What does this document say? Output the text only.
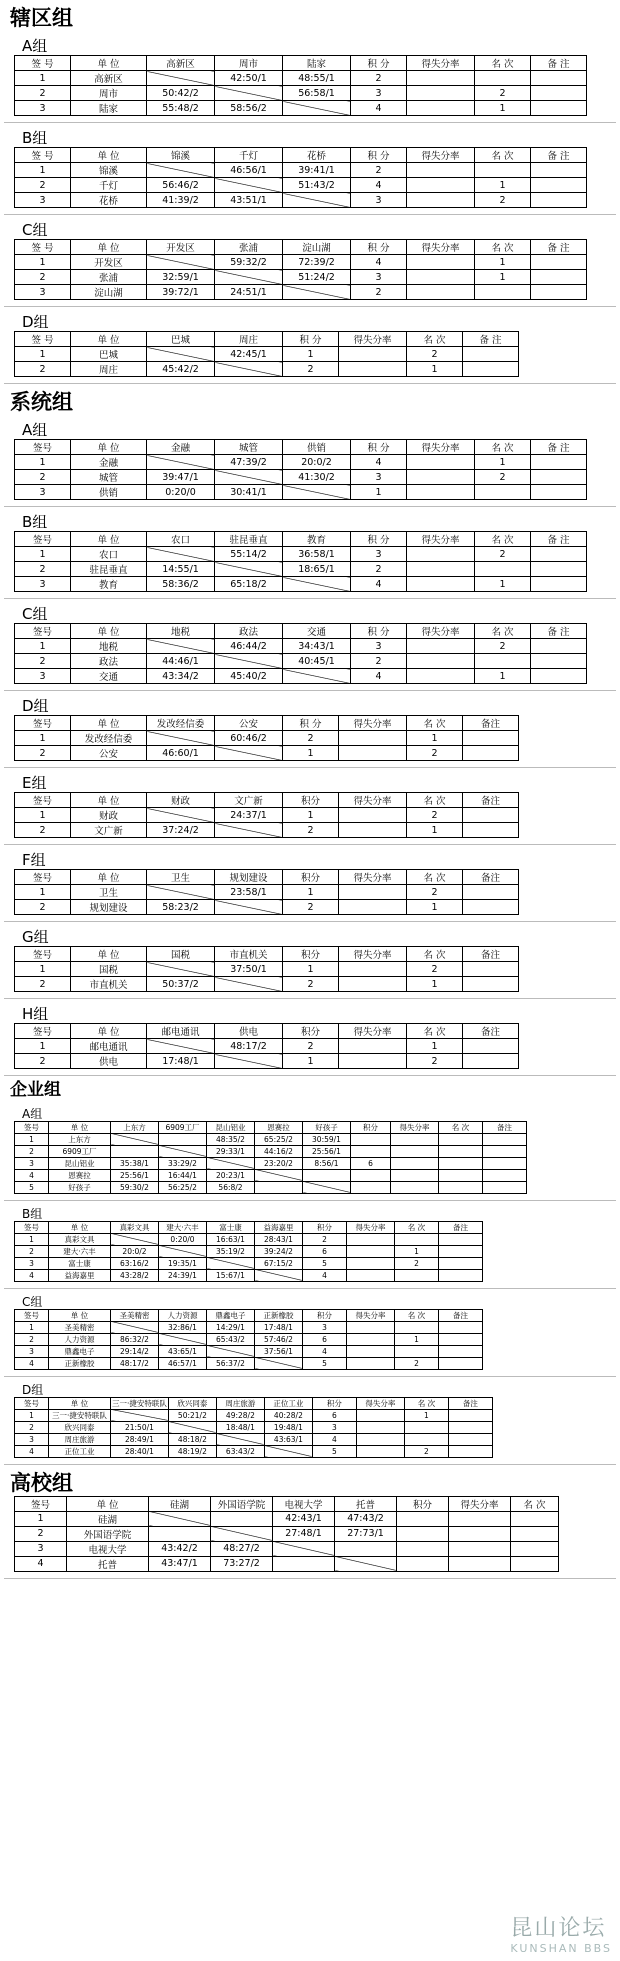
辖区组
A组
签 号	单 位	高新区	周市	陆家	积 分	得失分率	名 次	备 注
1	高新区		42:50/1	48:55/1	2			
2	周市	50:42/2		56:58/1	3		2	
3	陆家	55:48/2	58:56/2		4		1	
B组
签 号	单 位	锦溪	千灯	花桥	积 分	得失分率	名 次	备 注
1	锦溪		46:56/1	39:41/1	2			
2	千灯	56:46/2		51:43/2	4		1	
3	花桥	41:39/2	43:51/1		3		2	
C组
签 号	单 位	开发区	张浦	淀山湖	积 分	得失分率	名 次	备 注
1	开发区		59:32/2	72:39/2	4		1	
2	张浦	32:59/1		51:24/2	3		1	
3	淀山湖	39:72/1	24:51/1		2			
D组
签 号	单 位	巴城	周庄	积 分	得失分率	名 次	备 注
1	巴城		42:45/1	1		2	
2	周庄	45:42/2		2		1	
系统组
A组
签号	单 位	金融	城管	供销	积 分	得失分率	名 次	备 注
1	金融		47:39/2	20:0/2	4		1	
2	城管	39:47/1		41:30/2	3		2	
3	供销	0:20/0	30:41/1		1			
B组
签号	单 位	农口	驻昆垂直	教育	积 分	得失分率	名 次	备 注
1	农口		55:14/2	36:58/1	3		2	
2	驻昆垂直	14:55/1		18:65/1	2			
3	教育	58:36/2	65:18/2		4		1	
C组
签号	单 位	地税	政法	交通	积 分	得失分率	名 次	备 注
1	地税		46:44/2	34:43/1	3		2	
2	政法	44:46/1		40:45/1	2			
3	交通	43:34/2	45:40/2		4		1	
D组
签号	单 位	发改经信委	公安	积 分	得失分率	名 次	备注
1	发改经信委		60:46/2	2		1	
2	公安	46:60/1		1		2	
E组
签号	单 位	财政	文广新	积分	得失分率	名 次	备注
1	财政		24:37/1	1		2	
2	文广新	37:24/2		2		1	
F组
签号	单 位	卫生	规划建设	积分	得失分率	名 次	备注
1	卫生		23:58/1	1		2	
2	规划建设	58:23/2		2		1	
G组
签号	单 位	国税	市直机关	积分	得失分率	名 次	备注
1	国税		37:50/1	1		2	
2	市直机关	50:37/2		2		1	
H组
签号	单 位	邮电通讯	供电	积分	得失分率	名 次	备注
1	邮电通讯		48:17/2	2		1	
2	供电	17:48/1		1		2	
企业组
A组
签号	单 位	上东方	6909工厂	昆山铝业	恩赛拉	好孩子	积分	得失分率	名 次	备注
1	上东方			48:35/2	65:25/2	30:59/1				
2	6909工厂			29:33/1	44:16/2	25:56/1				
3	昆山铝业	35:38/1	33:29/2		23:20/2	8:56/1	6			
4	恩赛拉	25:56/1	16:44/1	20:23/1						
5	好孩子	59:30/2	56:25/2	56:8/2						
B组
签号	单 位	真彩文具	建大·六丰	富士康	益海嘉里	积分	得失分率	名 次	备注
1	真彩文具		0:20/0	16:63/1	28:43/1	2			
2	建大·六丰	20:0/2		35:19/2	39:24/2	6		1	
3	富士康	63:16/2	19:35/1		67:15/2	5		2	
4	益海嘉里	43:28/2	24:39/1	15:67/1		4			
C组
签号	单 位	圣美精密	人力资源	鼎鑫电子	正新橡胶	积分	得失分率	名 次	备注
1	圣美精密		32:86/1	14:29/1	17:48/1	3			
2	人力资源	86:32/2		65:43/2	57:46/2	6		1	
3	鼎鑫电子	29:14/2	43:65/1		37:56/1	4			
4	正新橡胶	48:17/2	46:57/1	56:37/2		5		2	
D组
签号	单 位	三一·捷安特联队	欣兴同泰	周庄旅游	正位工业	积分	得失分率	名 次	备注
1	三一·捷安特联队		50:21/2	49:28/2	40:28/2	6		1	
2	欣兴同泰	21:50/1		18:48/1	19:48/1	3			
3	周庄旅游	28:49/1	48:18/2		43:63/1	4			
4	正位工业	28:40/1	48:19/2	63:43/2		5		2	
高校组
签号	单 位	硅湖	外国语学院	电视大学	托普	积分	得失分率	名 次
1	硅湖			42:43/1	47:43/2			
2	外国语学院			27:48/1	27:73/1			
3	电视大学	43:42/2	48:27/2					
4	托普	43:47/1	73:27/2					
昆山论坛
KUNSHAN BBS
